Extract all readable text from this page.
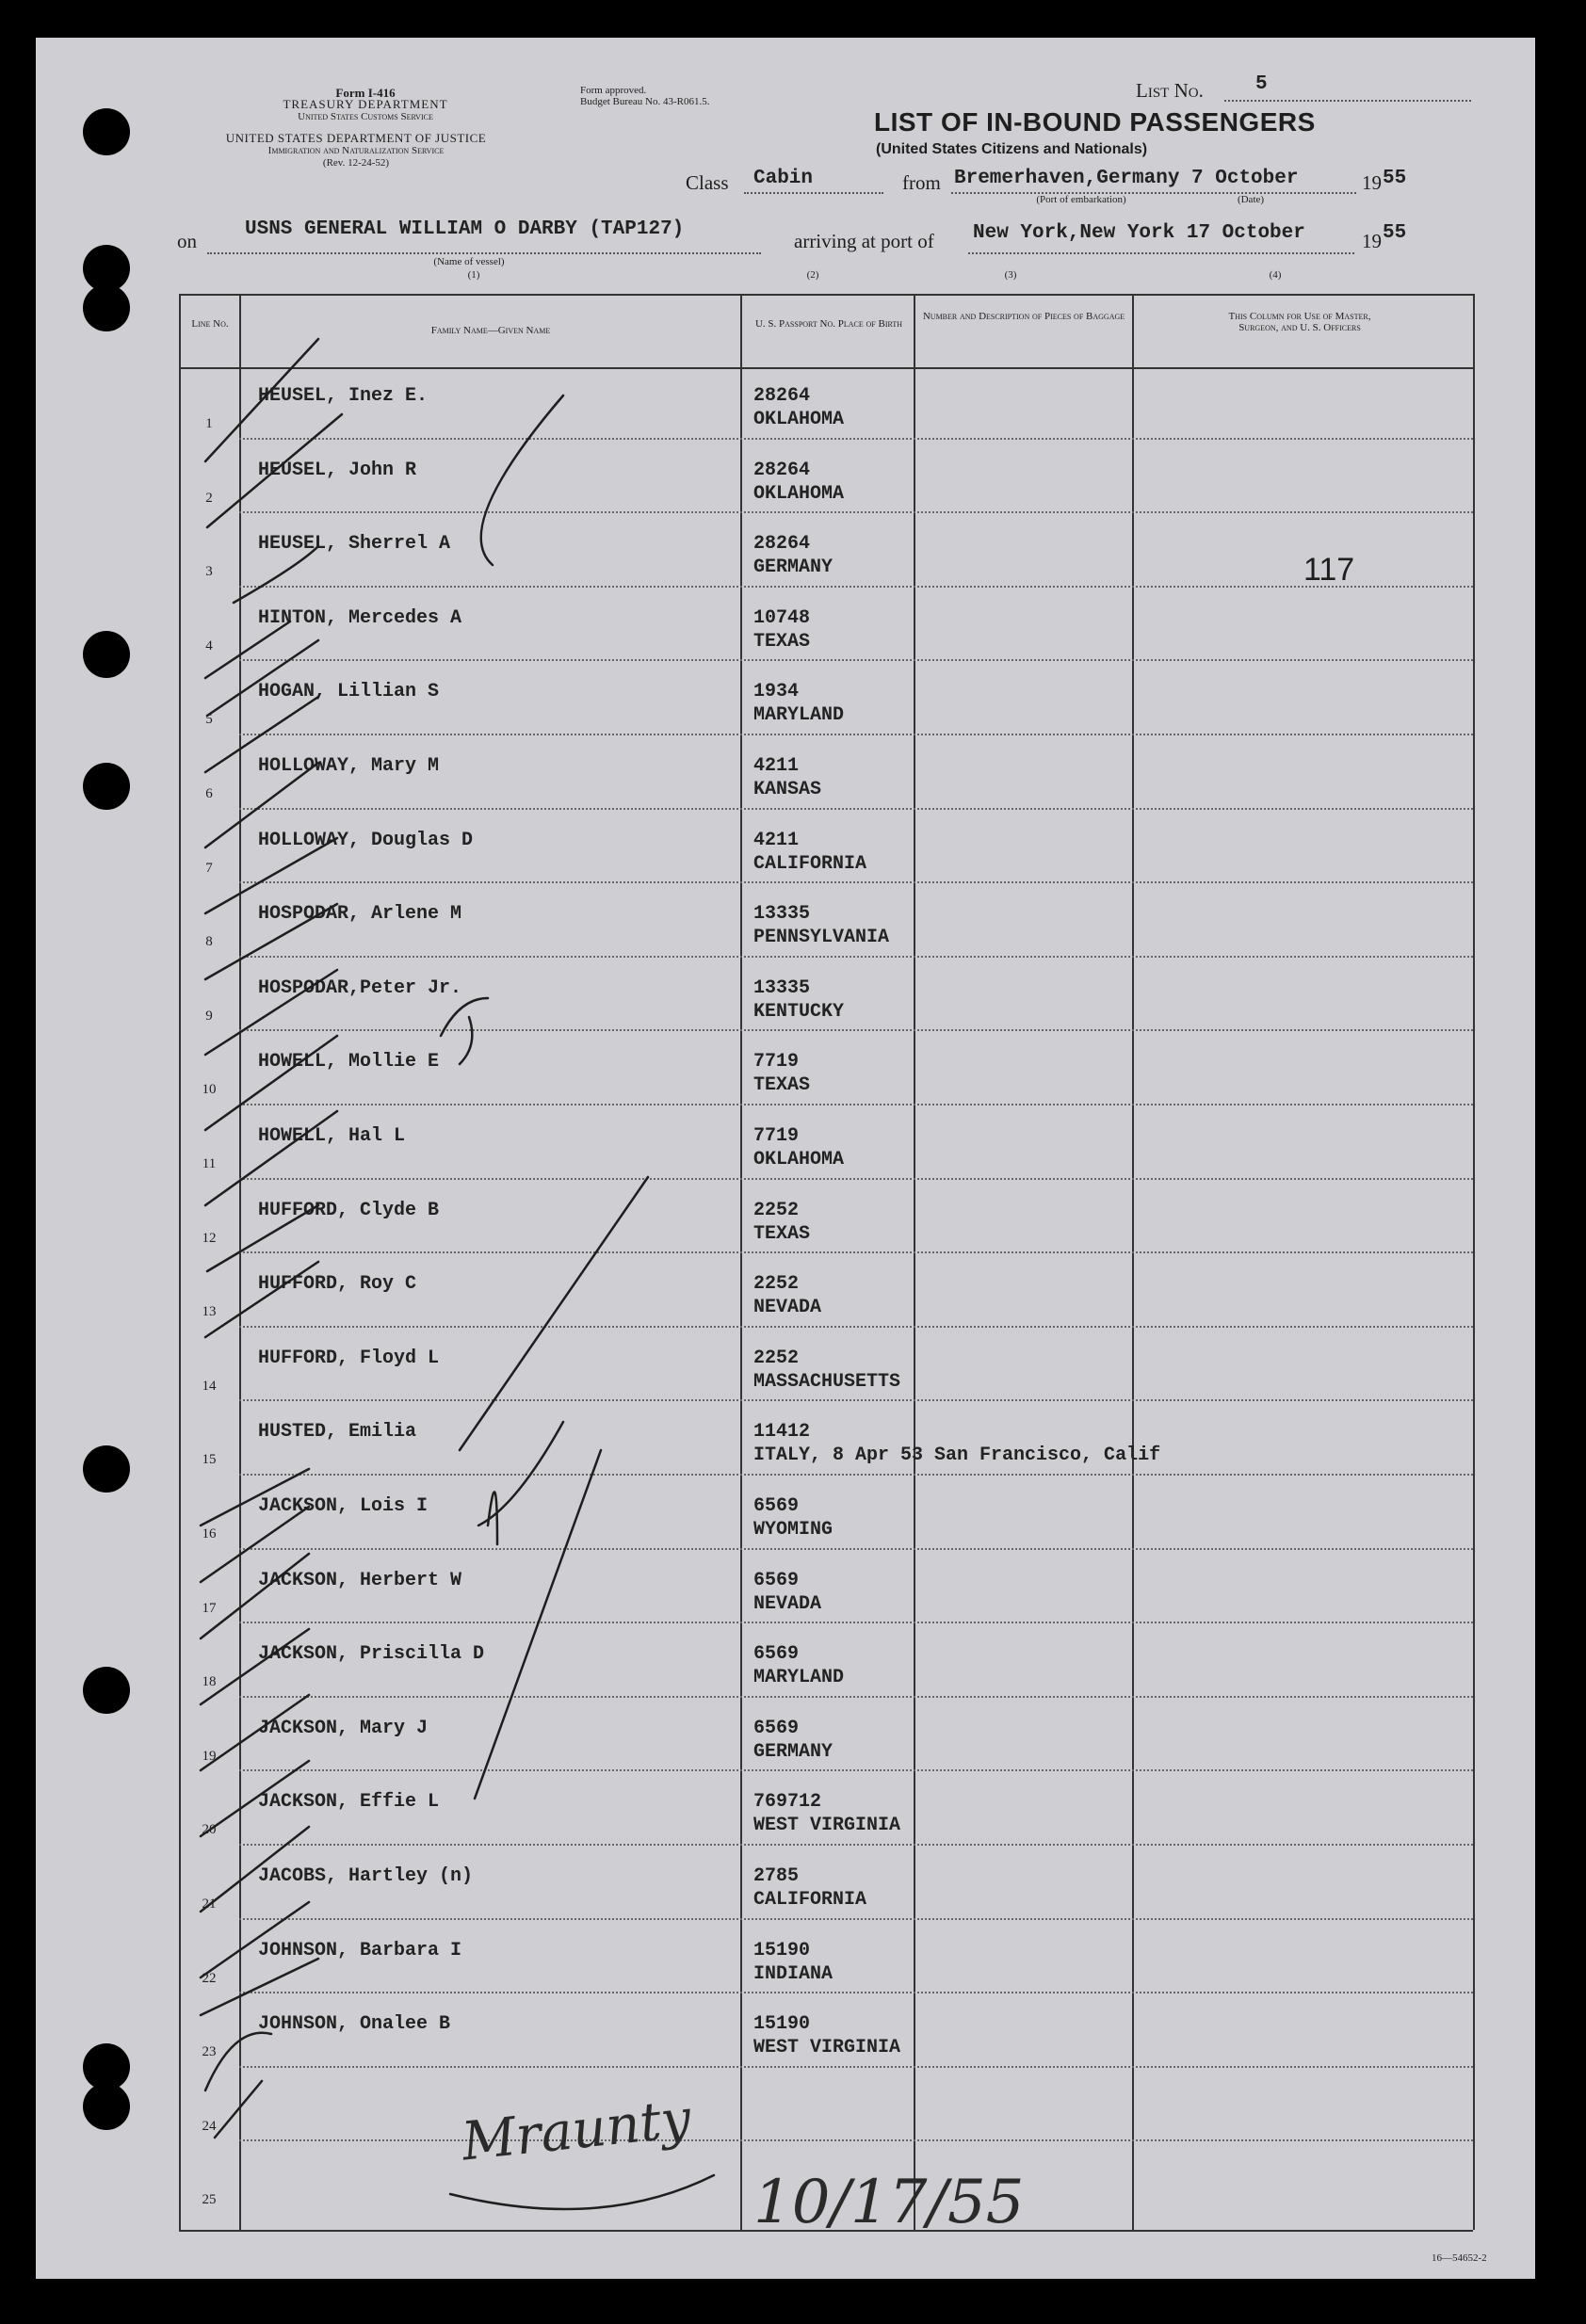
Form I-416
TREASURY DEPARTMENT
United States Customs Service
UNITED STATES DEPARTMENT OF JUSTICE
Immigration and Naturalization Service
(Rev. 12-24-52)
Form approved.
Budget Bureau No. 43-R061.5.	List No.	5
LIST OF IN-BOUND PASSENGERS
(United States Citizens and Nationals)
Class Cabin	from Bremerhaven,Germany 7 October	19 55
(Port of embarkation)	(Date)
on
USNS GENERAL WILLIAM O DARBY (TAP127)
(Name of vessel)
arriving at port of New York,New York 17 October	19 55
(1)	(2)	(3)	(4)
Line No.
Family Name—Given Name
U. S. Passport No. Place of Birth
Number and Description of Pieces of Baggage	This Column for Use of Master, Surgeon, and U. S. Officers
1
HEUSEL, Inez E.	28264
OKLAHOMA
2
HEUSEL, John R	28264
OKLAHOMA
3
HEUSEL, Sherrel A	28264
GERMANY
4
HINTON, Mercedes A	10748
TEXAS
5
HOGAN, Lillian S	1934
MARYLAND
6
HOLLOWAY, Mary M	4211
KANSAS
7
HOLLOWAY, Douglas D	4211
CALIFORNIA
8
HOSPODAR, Arlene M	13335
PENNSYLVANIA
9
HOSPODAR,Peter Jr.	13335
KENTUCKY
10
HOWELL, Mollie E	7719
TEXAS
11
HOWELL, Hal L	7719
OKLAHOMA
12
HUFFORD, Clyde B	2252
TEXAS
13
HUFFORD, Roy C	2252
NEVADA
14
HUFFORD, Floyd L	2252
MASSACHUSETTS
15
HUSTED, Emilia	11412
ITALY, 8 Apr 53 San Francisco, Calif
16
JACKSON, Lois I	6569
WYOMING
17
JACKSON, Herbert W	6569
NEVADA
18
JACKSON, Priscilla D	6569
MARYLAND
19
JACKSON, Mary J	6569
GERMANY
20
JACKSON, Effie L	769712
WEST VIRGINIA
21
JACOBS, Hartley (n)	2785
CALIFORNIA
22
JOHNSON, Barbara I	15190
INDIANA
23
JOHNSON, Onalee B	15190
WEST VIRGINIA
24
25
117
Mraunty
10/17/55
16—54652-2
